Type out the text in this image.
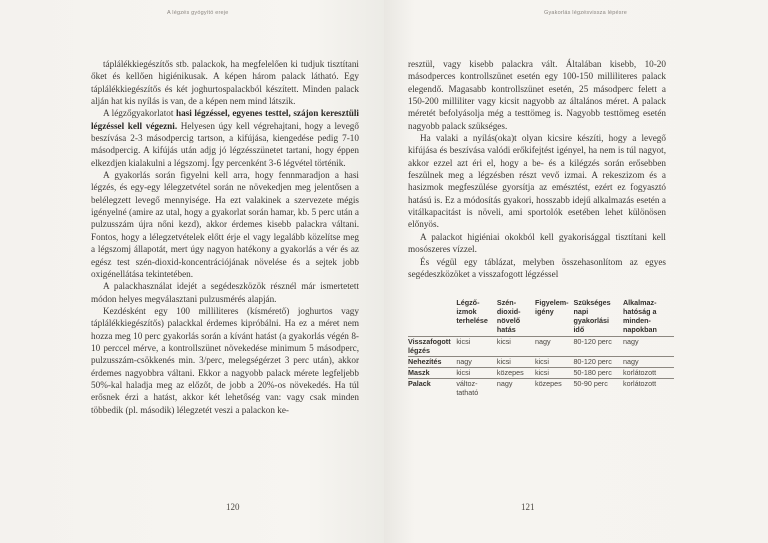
A légzés gyógyító ereje

táplálékkiegészítős stb. palackok, ha megfelelően ki tudjuk tisztítani őket és kellően higiénikusak. A képen három palack látható. Egy táplálékkiegészítős és két joghurtospalackból készített. Minden palack alján hat kis nyílás is van, de a képen nem mind látszik.

A légzőgyakorlatot hasi légzéssel, egyenes testtel, szájon keresztüli légzéssel kell végezni. Helyesen úgy kell végrehajtani, hogy a levegő beszívása 2-3 másodpercig tartson, a kifújása, kiengedése pedig 7-10 másodpercig. A kifújás után adjg jó légzésszünetet tartani, hogy éppen elkezdjen kialakulni a légszomj. Így percenként 3-6 légvétel történik.

A gyakorlás során figyelni kell arra, hogy fennmaradjon a hasi légzés, és egy-egy lélegzetvétel során ne növekedjen meg jelentősen a belélegzett levegő mennyisége. Ha ezt valakinek a szervezete mégis igényelné (amire az utal, hogy a gyakorlat során hamar, kb. 5 perc után a pulzusszám újra nőni kezd), akkor érdemes kisebb palackra váltani. Fontos, hogy a lélegzetvételek előtt érje el vagy legalább közelítse meg a légszomj állapotát, mert úgy nagyon hatékony a gyakorlás a vér és az egész test szén-dioxid-koncentrációjának növelése és a sejtek jobb oxigénellátása tekintetében.

A palackhasználat idejét a segédeszközök résznél már ismertetett módon helyes megválasztani pulzusmérés alapján.

Kezdésként egy 100 milliliteres (kísmérető) joghurtos vagy táplálékkiegészítős) palackkal érdemes kipróbálni. Ha ez a méret nem hozza meg 10 perc gyakorlás során a kívánt hatást (a gyakorlás végén 8-10 perccel mérve, a kontrollszünet növekedése minimum 5 másodperc, pulzusszám-csökkenés min. 3/perc, melegségérzet 3 perc után), akkor érdemes nagyobbra váltani. Ekkor a nagyobb palack mérete legfeljebb 50%-kal haladja meg az előzőt, de jobb a 20%-os növekedés. Ha túl erősnek érzi a hatást, akkor két lehetőség van: vagy csak minden többedik (pl. második) lélegzetét veszi a palackon ke-

120
Gyakorlás légzésvissza lépésre

resztül, vagy kisebb palackra vált. Általában kisebb, 10-20 másodperces kontrollszünet esetén egy 100-150 milliliteres palack elegendő. Magasabb kontrollszünet esetén, 25 másodperc felett a 150-200 milliliter vagy kicsit nagyobb az általános méret. A palack méretét befolyásolja még a testtömeg is. Nagyobb testtömeg esetén nagyobb palack szükséges.

Ha valaki a nyílás(oka)t olyan kicsire készíti, hogy a levegő kifújása és beszívása valódi erőkifejtést igényel, ha nem is túl nagyot, akkor ezzel azt éri el, hogy a be- és a kilégzés során erősebben feszülnek meg a légzésben részt vevő izmai. A rekeszizom és a hasizmok megfeszülése gyorsítja az emésztést, ezért ez fogyasztó hatású is. Ez a módosítás gyakori, hosszabb idejű alkalmazás esetén a vitálkapacitást is növeli, ami sportolók esetében lehet különösen előnyös.

A palackot higiéniai okokból kell gyakorisággal tisztítani kell mosószeres vízzel.

És végül egy táblázat, melyben összehasonlítom az egyes segédeszközöket a visszafogott légzéssel

	Légző-izmok terhelése	Szén-dioxid-növelő hatás	Figyelem-igény	Szükséges napi gyakorlási idő	Alkalmaz-hatóság a minden-napokban
Visszafogott légzés	kicsi	kicsi	nagy	80-120 perc	nagy
Nehezítés	nagy	kicsi	kicsi	80-120 perc	nagy
Maszk	kicsi	közepes	kicsi	50-180 perc	korlátozott
Palack	változ-tatható	nagy	közepes	50-90 perc	korlátozott
121
